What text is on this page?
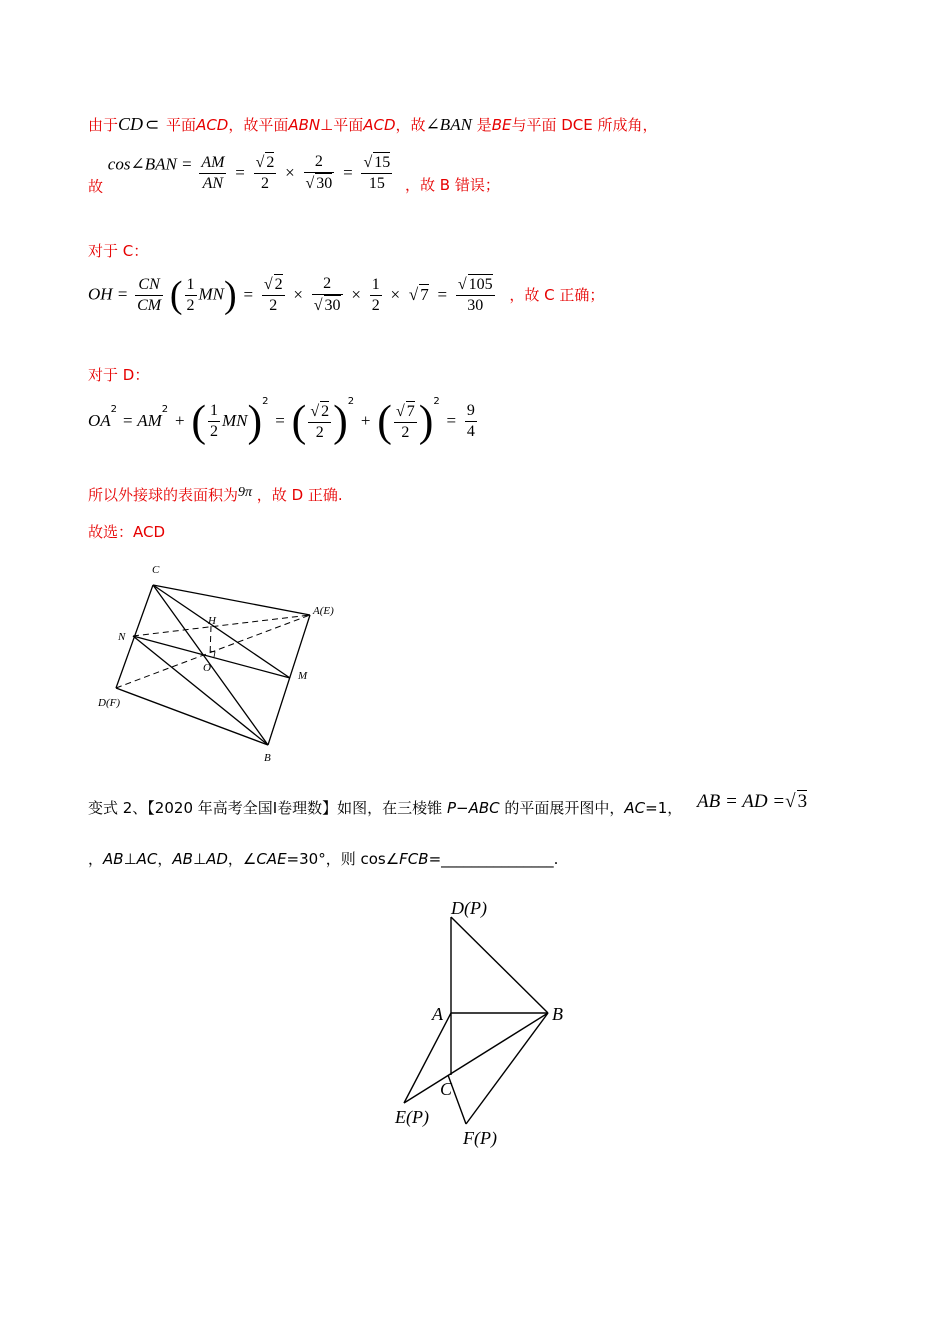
由于CD ⊂ 平面ACD，故平面ABN⊥平面ACD，故∠BAN 是BE与平面 DCE 所成角，
故 cos∠BAN = $\frac{AM}{AN} = \frac{√ 2}{2} \times \frac{2}{√ 30} = \frac{√ 15}{15}$ ，故 B 错误；
对于 C：
OH = $\frac{CN}{CM}$ ( $\frac{1}{2} MN) = \frac{√ 2}{2} \times \frac{2}{√ 30} \times \frac{1}{2}$ × √ $7 = \frac{√ 105}{30}$ ，故 C 正确；
对于 D：
$OA^2 = AM^2$ + ( $\frac{1}{2} MN)^2$ = ( $\frac{√ 2}{2} )^2$ + ( $\frac{√ 7}{2} )^2 = \frac{9}{4}$
所以外接球的表面积为9π ，故 D 正确.
故选：ACD
C
A(E)
N
H
O
M
D(F)
B
变式 2、【2020 年高考全国Ⅰ卷理数】如图，在三棱锥 P−ABC 的平面展开图中，AC=1， AB = AD =√ 3
，AB⊥AC，AB⊥AD，∠CAE=30°，则 cos∠FCB=_______________.
D(P)
A	B
C
E(P)
F(P)
